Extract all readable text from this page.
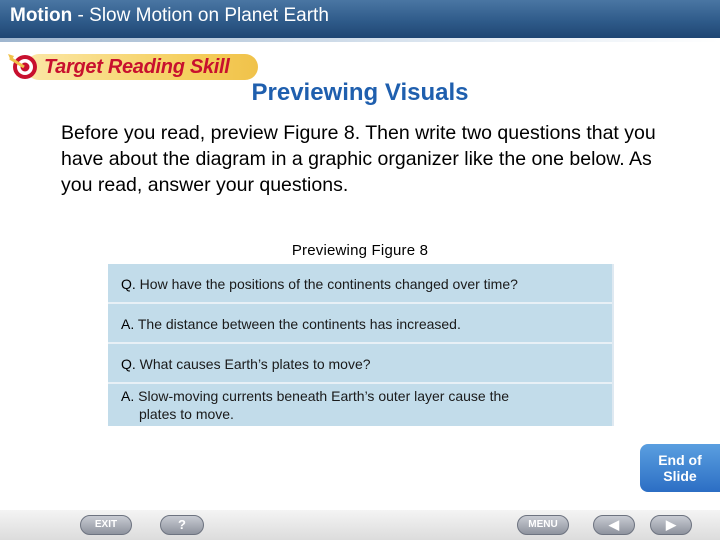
Motion - Slow Motion on Planet Earth
Target Reading Skill
Previewing Visuals
Before you read, preview Figure 8. Then write two questions that you have about the diagram in a graphic organizer like the one below. As you read, answer your questions.
Previewing Figure 8
Q. How have the positions of the continents changed over time?
A. The distance between the continents has increased.
Q. What causes Earth’s plates to move?
A. Slow-moving currents beneath Earth’s outer layer cause the
plates to move.
End of
Slide
EXIT	?	MENU	◀	▶
